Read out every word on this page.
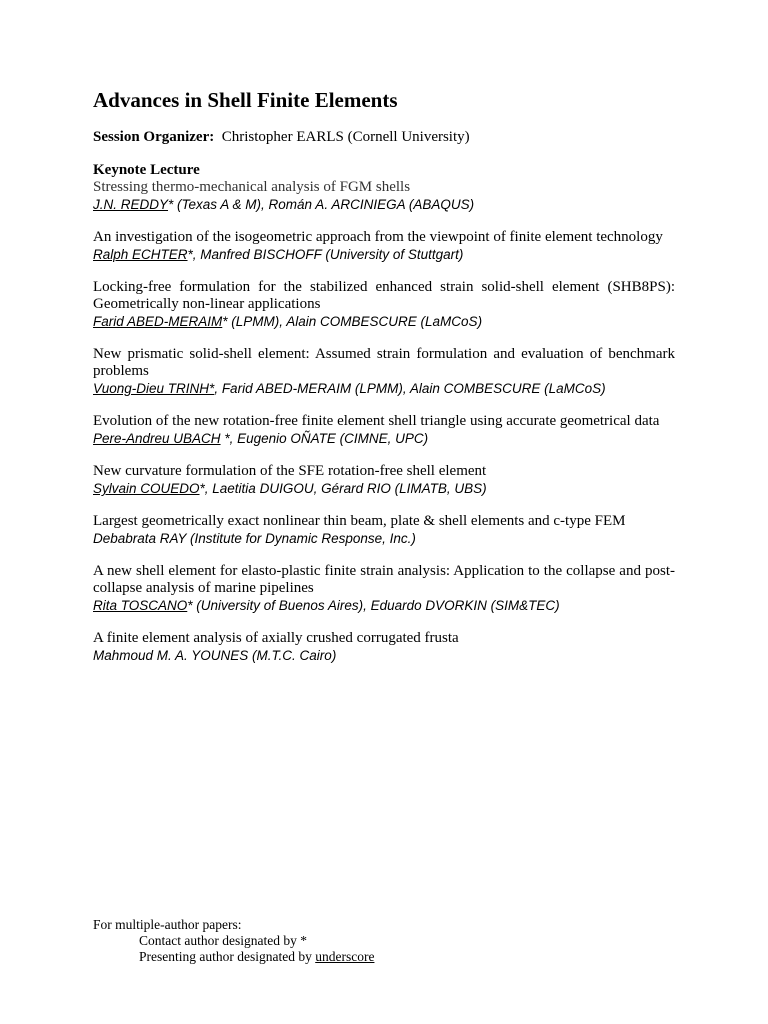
Advances in Shell Finite Elements
Session Organizer: Christopher EARLS (Cornell University)
Keynote Lecture
Stressing thermo-mechanical analysis of FGM shells
J.N. REDDY* (Texas A & M), Román A. ARCINIEGA (ABAQUS)
An investigation of the isogeometric approach from the viewpoint of finite element technology
Ralph ECHTER*, Manfred BISCHOFF (University of Stuttgart)
Locking-free formulation for the stabilized enhanced strain solid-shell element (SHB8PS): Geometrically non-linear applications
Farid ABED-MERAIM* (LPMM), Alain COMBESCURE (LaMCoS)
New prismatic solid-shell element: Assumed strain formulation and evaluation of benchmark problems
Vuong-Dieu TRINH*, Farid ABED-MERAIM (LPMM), Alain COMBESCURE (LaMCoS)
Evolution of the new rotation-free finite element shell triangle using accurate geometrical data
Pere-Andreu UBACH *, Eugenio OÑATE (CIMNE, UPC)
New curvature formulation of the SFE rotation-free shell element
Sylvain COUEDO*, Laetitia DUIGOU, Gérard RIO (LIMATB, UBS)
Largest geometrically exact nonlinear thin beam, plate & shell elements and c-type FEM
Debabrata RAY (Institute for Dynamic Response, Inc.)
A new shell element for elasto-plastic finite strain analysis: Application to the collapse and post-collapse analysis of marine pipelines
Rita TOSCANO* (University of Buenos Aires), Eduardo DVORKIN (SIM&TEC)
A finite element analysis of axially crushed corrugated frusta
Mahmoud M. A. YOUNES (M.T.C. Cairo)
For multiple-author papers:
Contact author designated by *
Presenting author designated by underscore
